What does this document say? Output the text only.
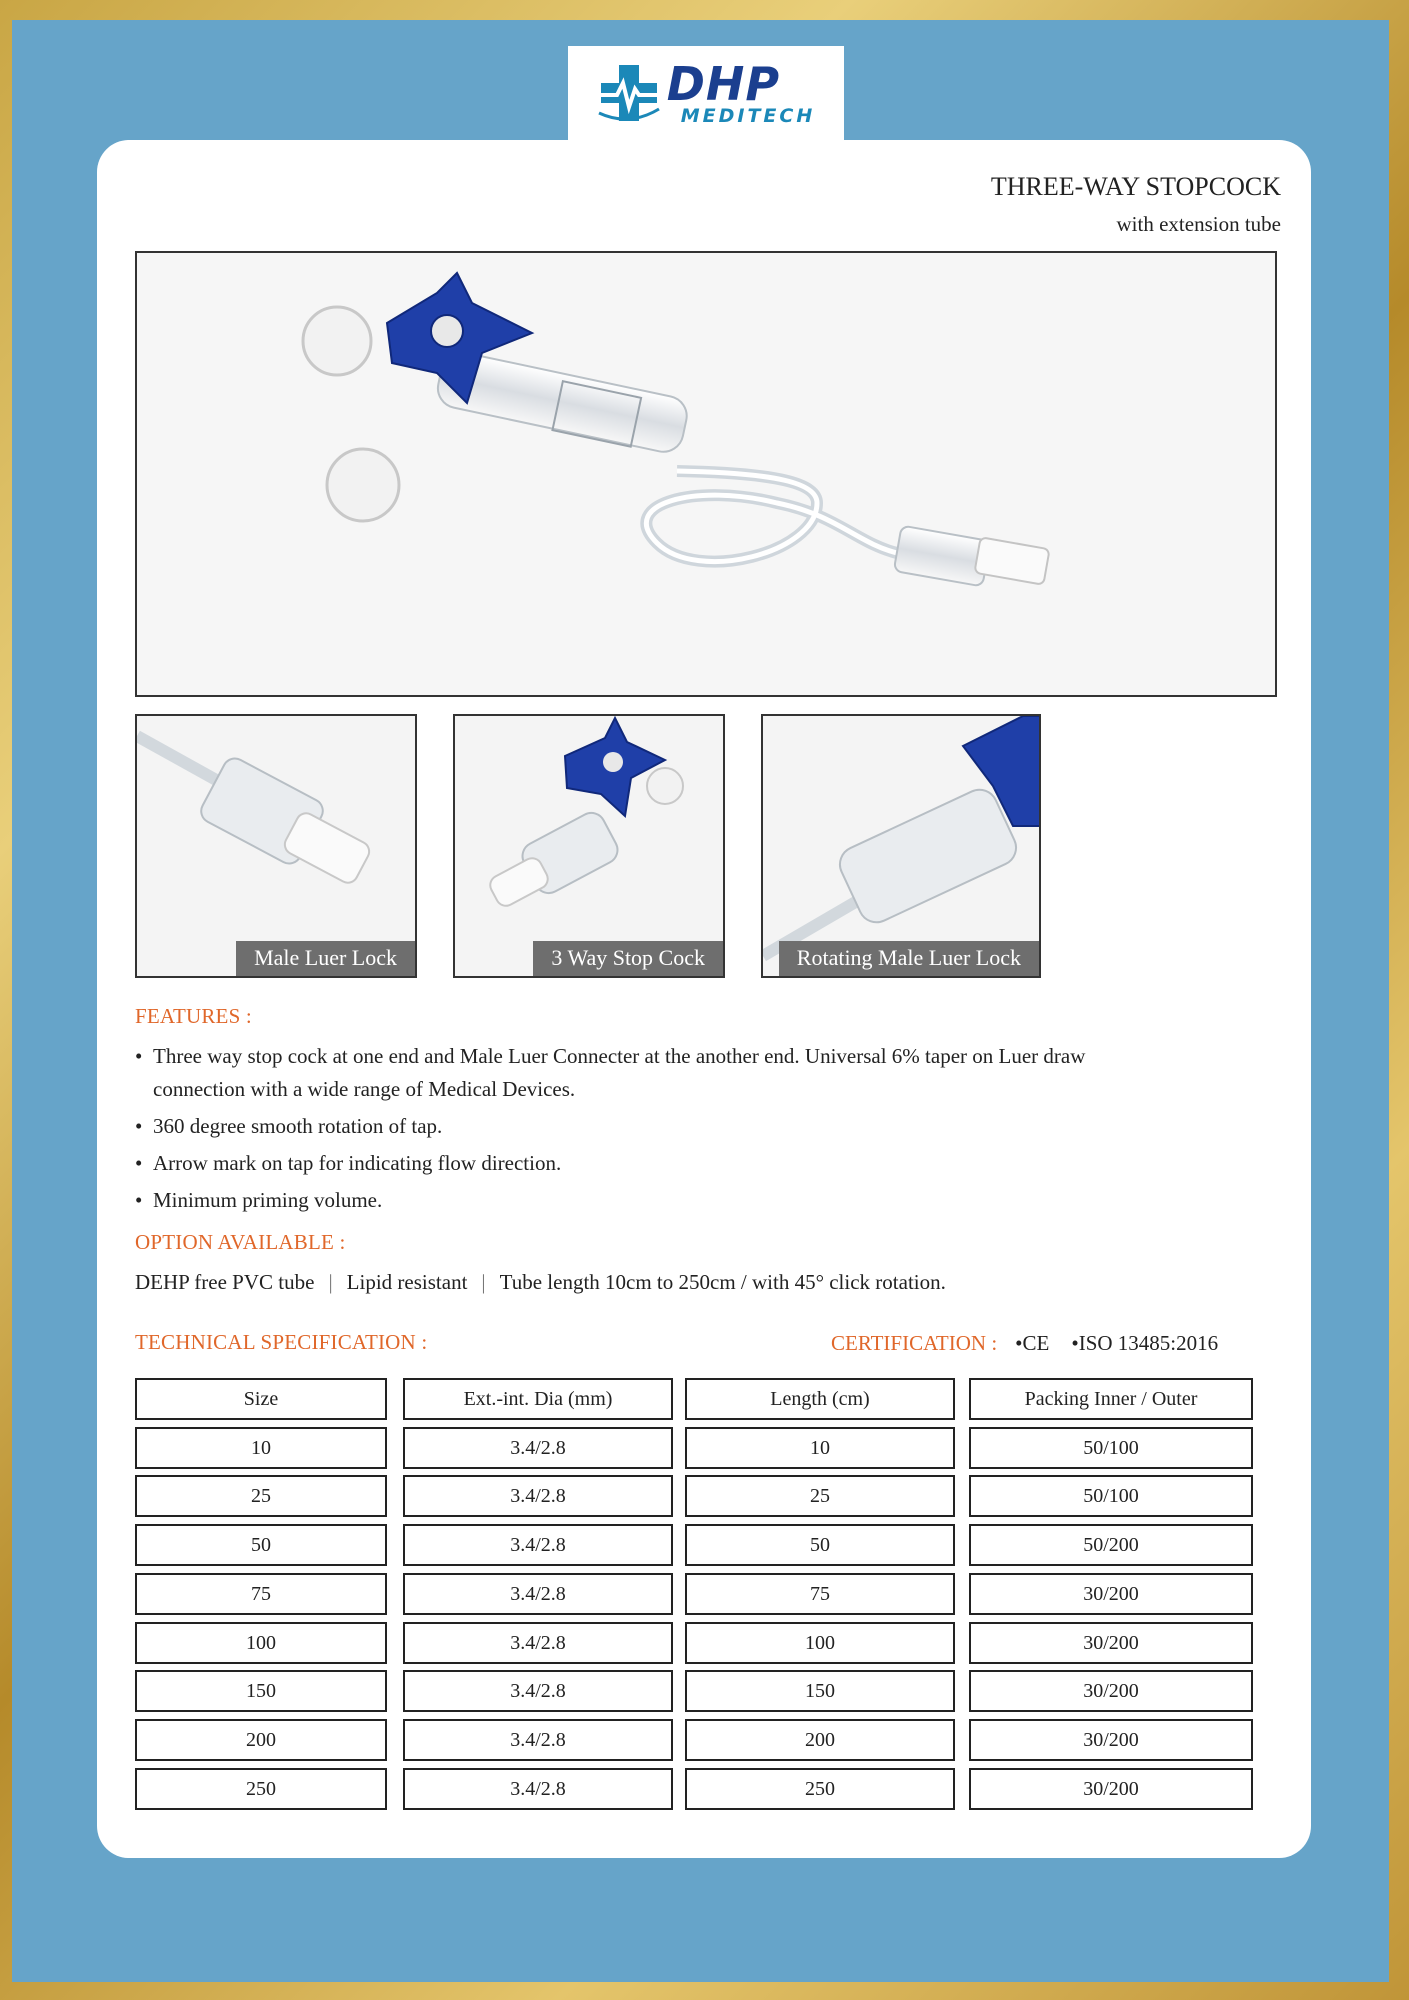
DHP
MEDITECH
THREE-WAY STOPCOCK
with extension tube
Male Luer Lock	3 Way Stop Cock	Rotating Male Luer Lock
FEATURES :
• Three way stop cock at one end and Male Luer Connecter at the another end. Universal 6% taper on Luer draw connection with a wide range of Medical Devices.
• 360 degree smooth rotation of tap.
• Arrow mark on tap for indicating flow direction.
• Minimum priming volume.
OPTION AVAILABLE :
DEHP free PVC tube | Lipid resistant | Tube length 10cm to 250cm / with 45° click rotation.
TECHNICAL SPECIFICATION :	CERTIFICATION : •CE •ISO 13485:2016
Size	Ext.-int. Dia (mm)	Length (cm)	Packing Inner / Outer
10	3.4/2.8	10	50/100
25	3.4/2.8	25	50/100
50	3.4/2.8	50	50/200
75	3.4/2.8	75	30/200
100	3.4/2.8	100	30/200
150	3.4/2.8	150	30/200
200	3.4/2.8	200	30/200
250	3.4/2.8	250	30/200
